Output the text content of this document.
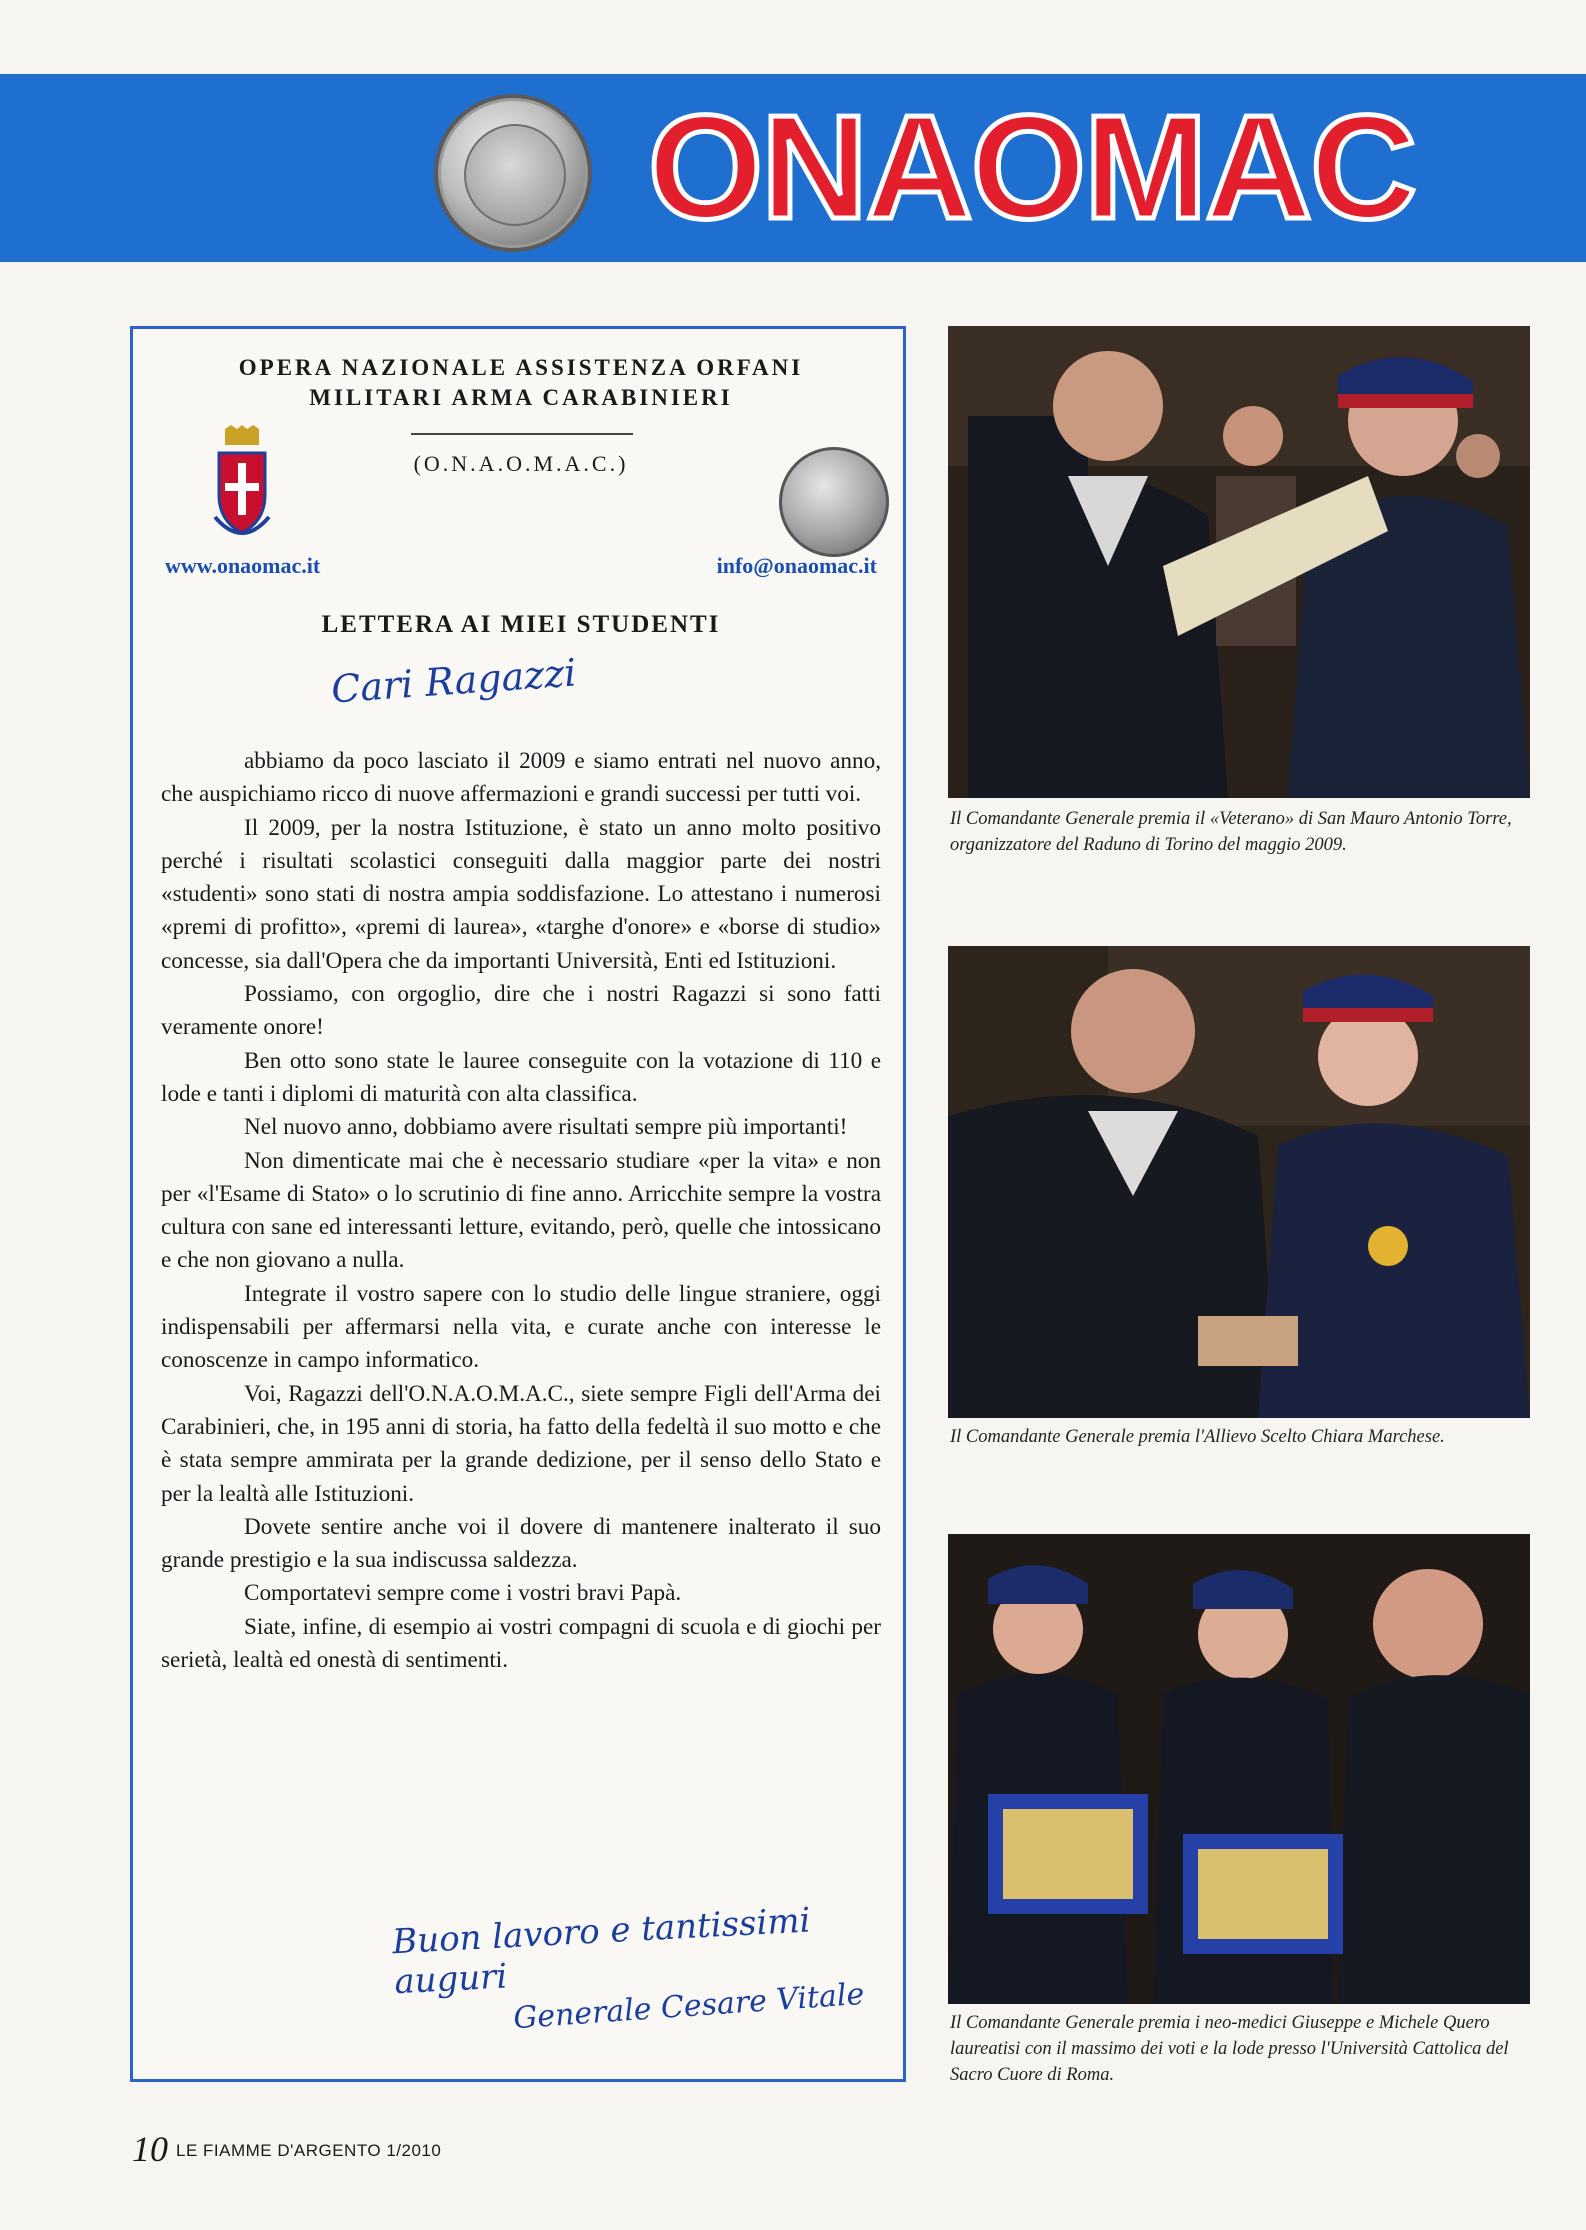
ONAOMAC
OPERA NAZIONALE ASSISTENZA ORFANI
MILITARI ARMA CARABINIERI
(O.N.A.O.M.A.C.)
www.onaomac.it	info@onaomac.it
LETTERA AI MIEI STUDENTI
Cari Ragazzi

abbiamo da poco lasciato il 2009 e siamo entrati nel nuovo anno, che auspichiamo ricco di nuove affermazioni e grandi successi per tutti voi.

Il 2009, per la nostra Istituzione, è stato un anno molto positivo perché i risultati scolastici conseguiti dalla maggior parte dei nostri «studenti» sono stati di nostra ampia soddisfazione. Lo attestano i numerosi «premi di profitto», «premi di laurea», «targhe d'onore» e «borse di studio» concesse, sia dall'Opera che da importanti Università, Enti ed Istituzioni.

Possiamo, con orgoglio, dire che i nostri Ragazzi si sono fatti veramente onore!

Ben otto sono state le lauree conseguite con la votazione di 110 e lode e tanti i diplomi di maturità con alta classifica.

Nel nuovo anno, dobbiamo avere risultati sempre più importanti!

Non dimenticate mai che è necessario studiare «per la vita» e non per «l'Esame di Stato» o lo scrutinio di fine anno. Arricchite sempre la vostra cultura con sane ed interessanti letture, evitando, però, quelle che intossicano e che non giovano a nulla.

Integrate il vostro sapere con lo studio delle lingue straniere, oggi indispensabili per affermarsi nella vita, e curate anche con interesse le conoscenze in campo informatico.

Voi, Ragazzi dell'O.N.A.O.M.A.C., siete sempre Figli dell'Arma dei Carabinieri, che, in 195 anni di storia, ha fatto della fedeltà il suo motto e che è stata sempre ammirata per la grande dedizione, per il senso dello Stato e per la lealtà alle Istituzioni.

Dovete sentire anche voi il dovere di mantenere inalterato il suo grande prestigio e la sua indiscussa saldezza.

Comportatevi sempre come i vostri bravi Papà.

Siate, infine, di esempio ai vostri compagni di scuola e di giochi per serietà, lealtà ed onestà di sentimenti.

Buon lavoro e tantissimi auguri Generale Cesare Vitale
Il Comandante Generale premia il «Veterano» di San Mauro Antonio Torre, organizzatore del Raduno di Torino del maggio 2009.
Il Comandante Generale premia l'Allievo Scelto Chiara Marchese.
Il Comandante Generale premia i neo-medici Giuseppe e Michele Quero laureatisi con il massimo dei voti e la lode presso l'Università Cattolica del Sacro Cuore di Roma.
10 LE FIAMME D'ARGENTO 1/2010
